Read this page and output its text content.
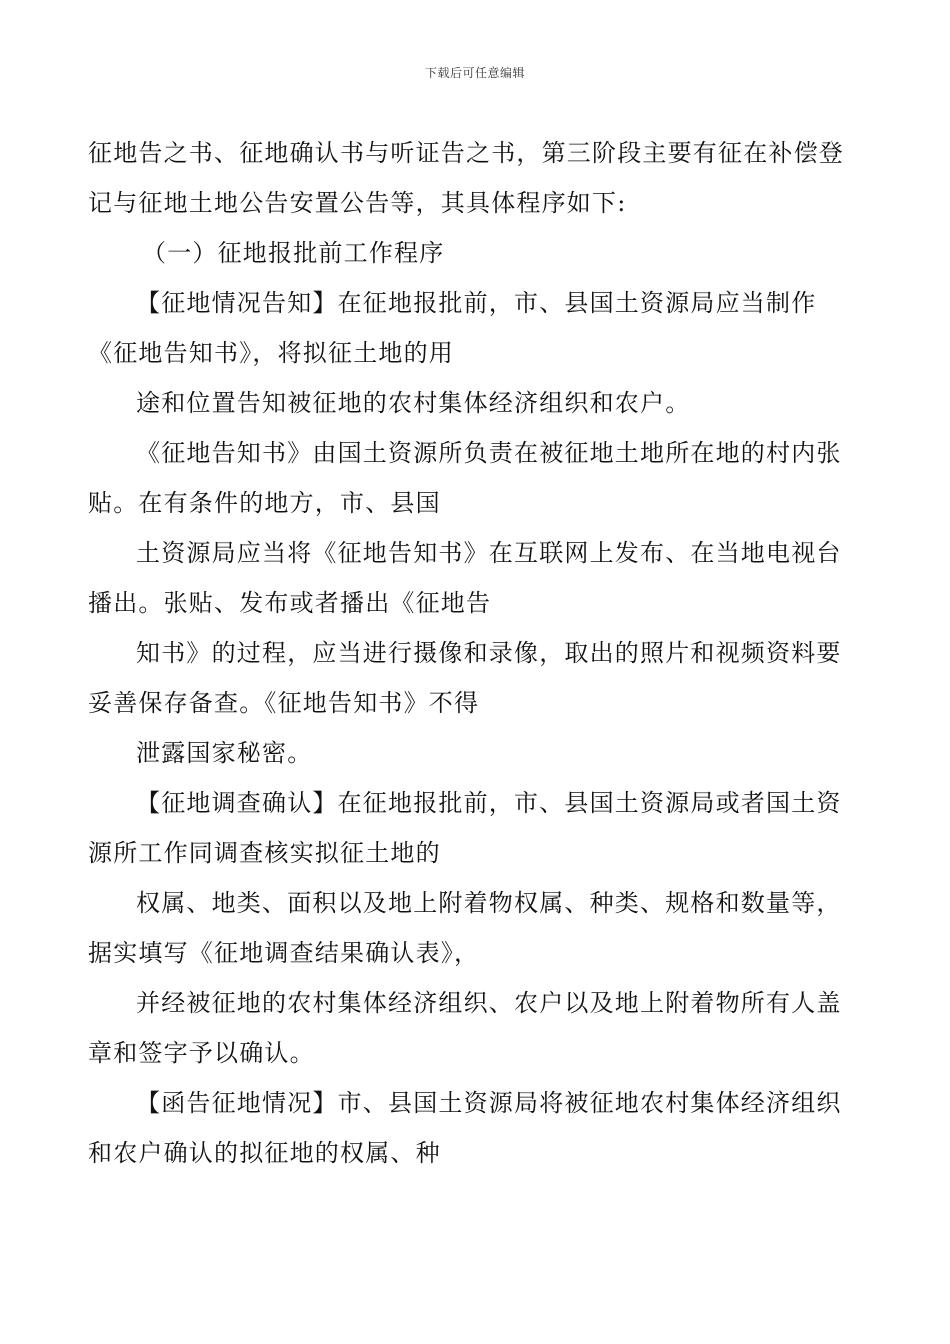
下载后可任意编辑
征地告之书、征地确认书与听证告之书，第三阶段主要有征在补偿登
记与征地土地公告安置公告等，其具体程序如下:
（一）征地报批前工作程序
【征地情况告知】在征地报批前，市、县国土资源局应当制作
《征地告知书》，将拟征土地的用
途和位置告知被征地的农村集体经济组织和农户。
《征地告知书》由国土资源所负责在被征地土地所在地的村内张
贴。在有条件的地方，市、县国
土资源局应当将《征地告知书》在互联网上发布、在当地电视台
播出。张贴、发布或者播出《征地告
知书》的过程，应当进行摄像和录像，取出的照片和视频资料要
妥善保存备查。《征地告知书》不得
泄露国家秘密。
【征地调查确认】在征地报批前，市、县国土资源局或者国土资
源所工作同调查核实拟征土地的
权属、地类、面积以及地上附着物权属、种类、规格和数量等，
据实填写《征地调查结果确认表》，
并经被征地的农村集体经济组织、农户以及地上附着物所有人盖
章和签字予以确认。
【函告征地情况】市、县国土资源局将被征地农村集体经济组织
和农户确认的拟征地的权属、种
